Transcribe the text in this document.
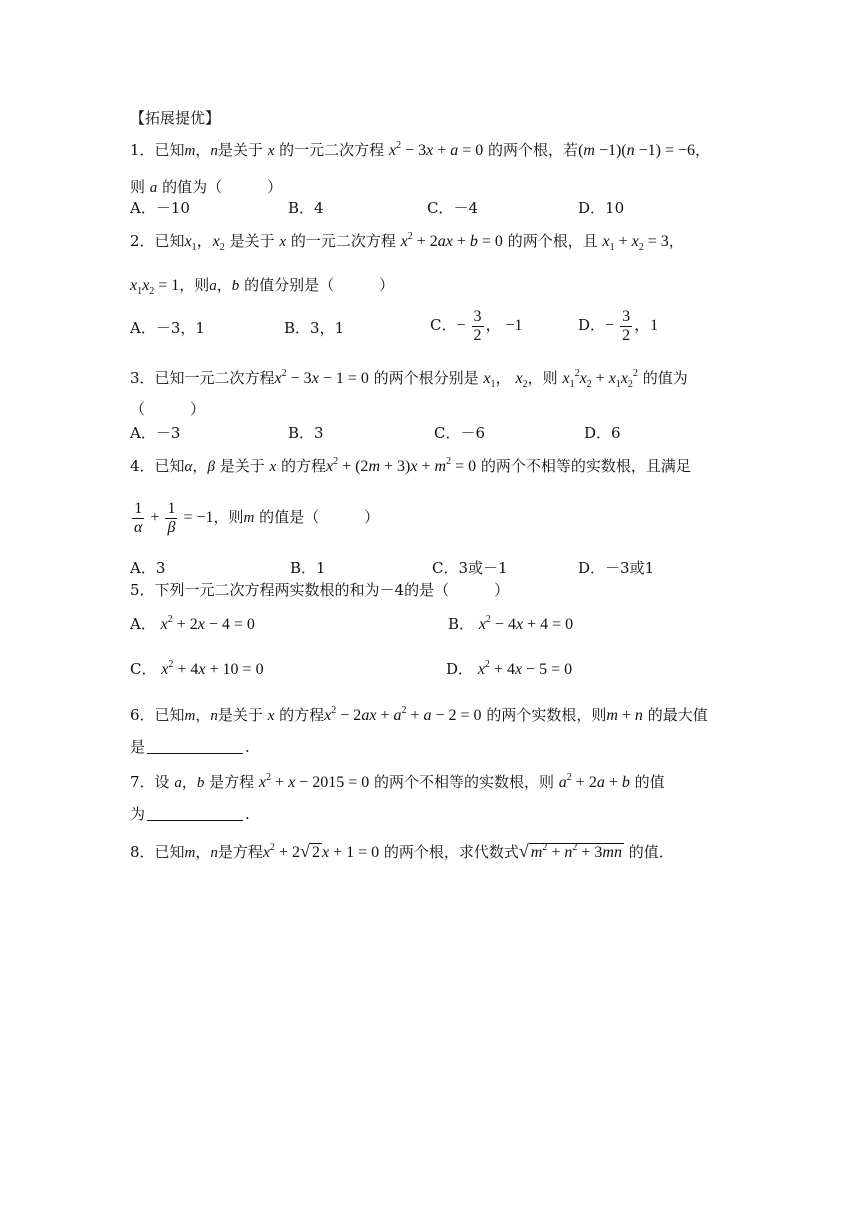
【拓展提优】
1．已知m，n是关于 x 的一元二次方程 $x^2 - 3x + a = 0$ 的两个根，若(m −1)(n −1) = −6，
则 a 的值为（　　　）
A．－10	B．4	C．－4	D．10
2．已知$x_1$，$x_2$ 是关于 x 的一元二次方程 $x^2 + 2ax + b = 0$ 的两个根，且 $x_1 + x_2 = 3$，
$x_1x_2 = 1$，则a，b 的值分别是（　　　）
A．－3，1	B．3，1	C．− $\frac{3}{2}$ ， −1	D．− $\frac{3}{2}$ ，1
3．已知一元二次方程$x^2 - 3x - 1 = 0$ 的两个根分别是 $x_1$， $x_2$，则 $x_1^2x_2 + x_1x_2^2$ 的值为
（　　　）
A．－3	B．3	C．－6	D．6
4．已知α，β 是关于 x 的方程$x^2 + (2m + 3)x + m^2 = 0$ 的两个不相等的实数根，且满足
$\frac{1}{\alpha} + \frac{1}{\beta} = -1$，则m 的值是（　　　）
A．3	B．1	C．3或－1	D．－3或1
5．下列一元二次方程两实数根的和为－4的是（　　　）
A． $x^2 + 2x - 4 = 0$	B． $x^2 - 4x + 4 = 0$
C． $x^2 + 4x + 10 = 0$	D． $x^2 + 4x - 5 = 0$
6．已知m，n是关于 x 的方程$x^2 - 2ax + a^2 + a - 2 = 0$ 的两个实数根，则m + n 的最大值
是	.
7．设 a，b 是方程 $x^2 + x - 2015 = 0$ 的两个不相等的实数根，则 $a^2 + 2a + b$ 的值
为	.
8．已知m，n是方程$x^2 + 2√$ 2 x + 1 = 0 的两个根，求代数式√ $m^2 + n^2 + 3mn$ 的值．
